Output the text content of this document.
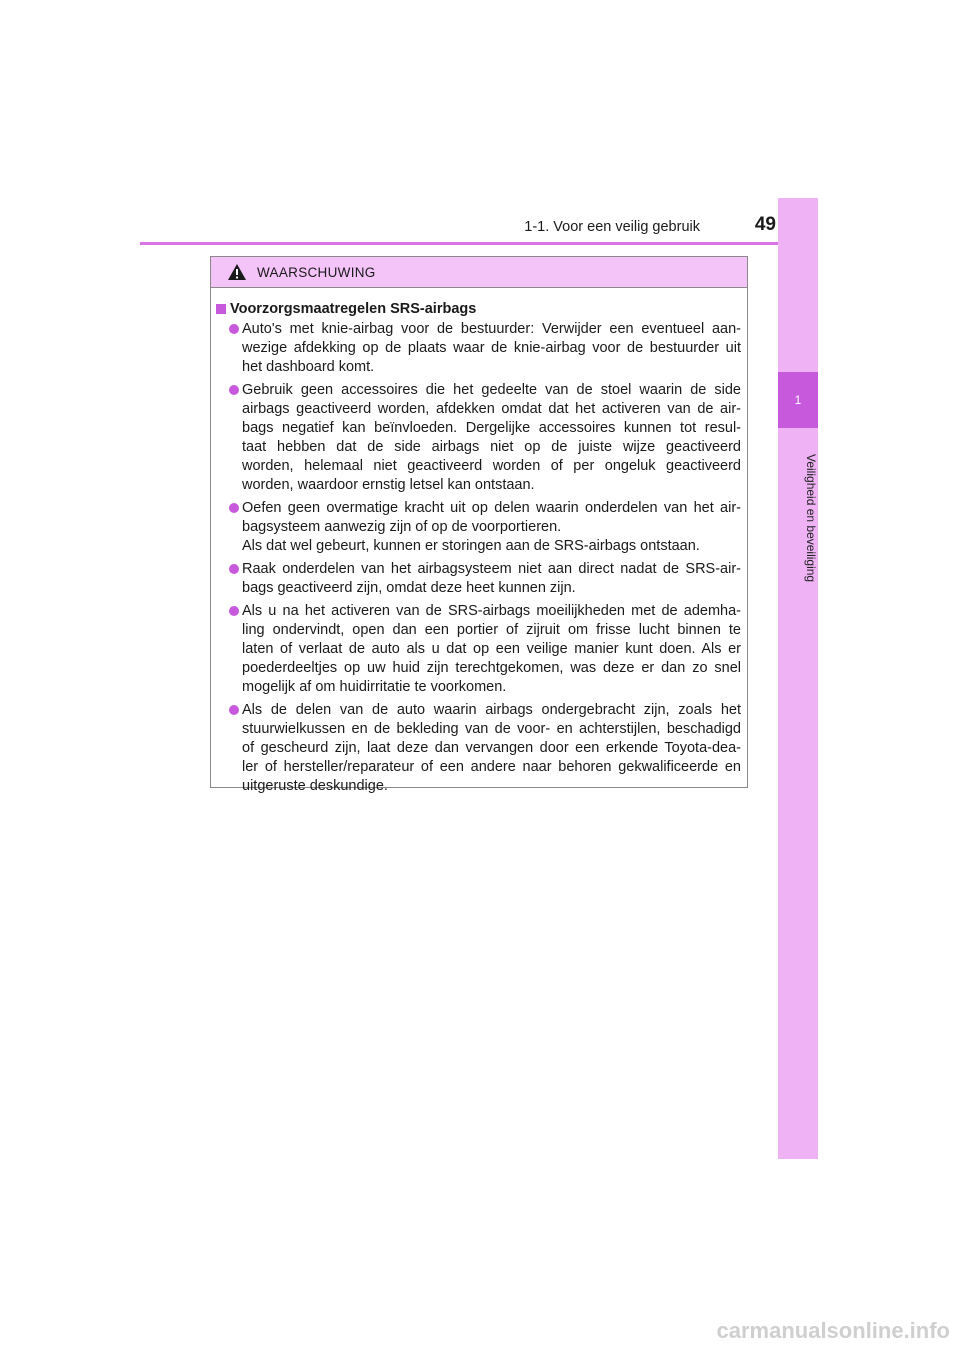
1-1. Voor een veilig gebruik	49
1
Veiligheid en beveiliging
WAARSCHUWING
Voorzorgsmaatregelen SRS-airbags
Auto's met knie-airbag voor de bestuurder: Verwijder een eventueel aan-
wezige afdekking op de plaats waar de knie-airbag voor de bestuurder uit
het dashboard komt.
Gebruik geen accessoires die het gedeelte van de stoel waarin de side
airbags geactiveerd worden, afdekken omdat dat het activeren van de air-
bags negatief kan beïnvloeden. Dergelijke accessoires kunnen tot resul-
taat hebben dat de side airbags niet op de juiste wijze geactiveerd
worden, helemaal niet geactiveerd worden of per ongeluk geactiveerd
worden, waardoor ernstig letsel kan ontstaan.
Oefen geen overmatige kracht uit op delen waarin onderdelen van het air-
bagsysteem aanwezig zijn of op de voorportieren.
Als dat wel gebeurt, kunnen er storingen aan de SRS-airbags ontstaan.
Raak onderdelen van het airbagsysteem niet aan direct nadat de SRS-air-
bags geactiveerd zijn, omdat deze heet kunnen zijn.
Als u na het activeren van de SRS-airbags moeilijkheden met de ademha-
ling ondervindt, open dan een portier of zijruit om frisse lucht binnen te
laten of verlaat de auto als u dat op een veilige manier kunt doen. Als er
poederdeeltjes op uw huid zijn terechtgekomen, was deze er dan zo snel
mogelijk af om huidirritatie te voorkomen.
Als de delen van de auto waarin airbags ondergebracht zijn, zoals het
stuurwielkussen en de bekleding van de voor- en achterstijlen, beschadigd
of gescheurd zijn, laat deze dan vervangen door een erkende Toyota-dea-
ler of hersteller/reparateur of een andere naar behoren gekwalificeerde en
uitgeruste deskundige.
carmanualsonline.info
